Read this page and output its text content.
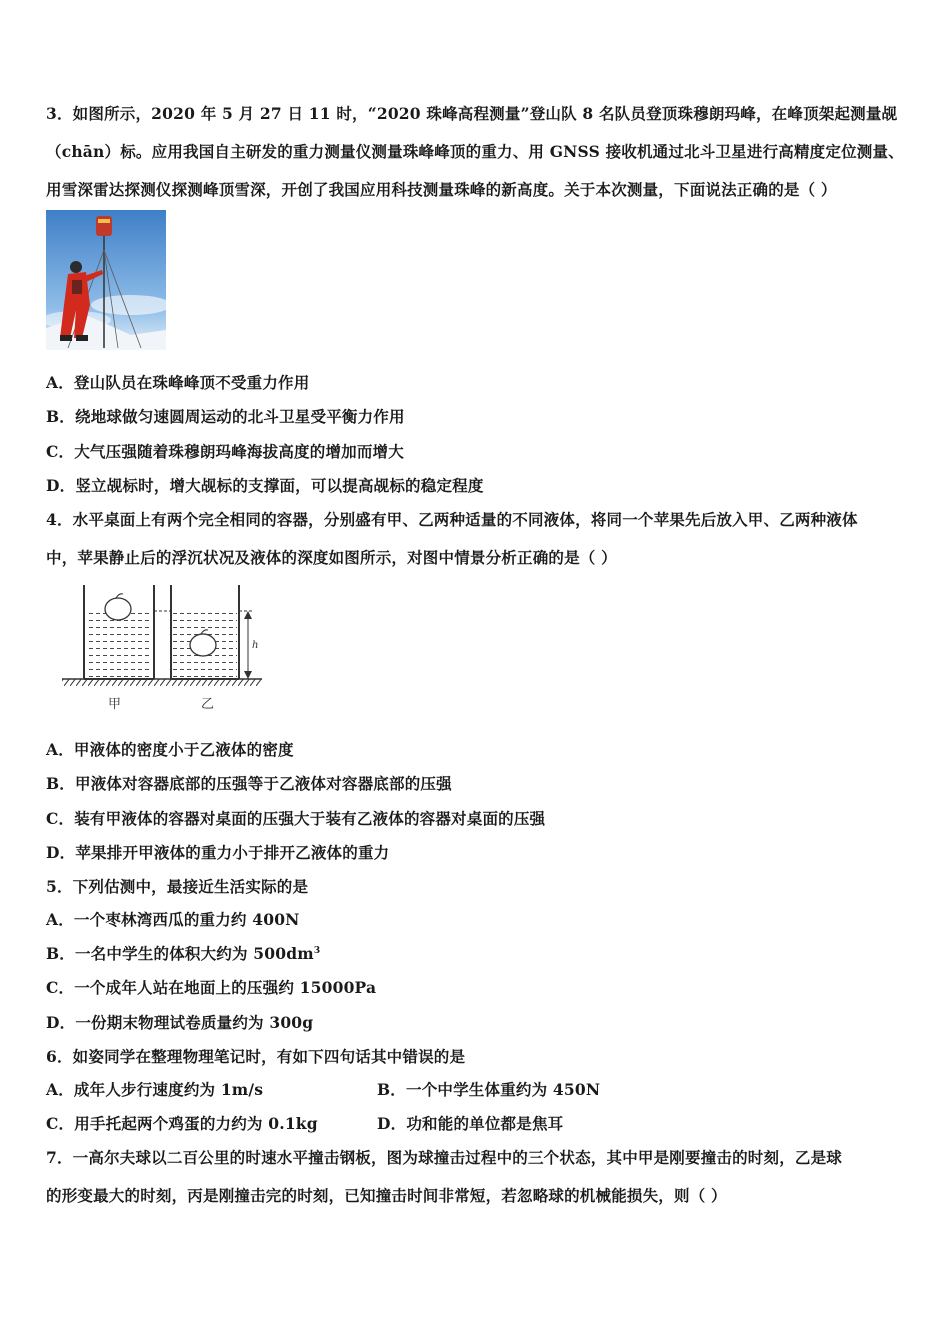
3．如图所示，2020 年 5 月 27 日 11 时，“2020 珠峰高程测量”登山队 8 名队员登顶珠穆朗玛峰，在峰顶架起测量觇
（chān）标。应用我国自主研发的重力测量仪测量珠峰峰顶的重力、用 GNSS 接收机通过北斗卫星进行高精度定位测量、
用雪深雷达探测仪探测峰顶雪深，开创了我国应用科技测量珠峰的新高度。关于本次测量，下面说法正确的是（ ）
A．登山队员在珠峰峰顶不受重力作用
B．绕地球做匀速圆周运动的北斗卫星受平衡力作用
C．大气压强随着珠穆朗玛峰海拔高度的增加而增大
D．竖立觇标时，增大觇标的支撑面，可以提高觇标的稳定程度
4．水平桌面上有两个完全相同的容器，分别盛有甲、乙两种适量的不同液体，将同一个苹果先后放入甲、乙两种液体
中，苹果静止后的浮沉状况及液体的深度如图所示，对图中情景分析正确的是（ ）
h
甲	乙
A．甲液体的密度小于乙液体的密度
B．甲液体对容器底部的压强等于乙液体对容器底部的压强
C．装有甲液体的容器对桌面的压强大于装有乙液体的容器对桌面的压强
D．苹果排开甲液体的重力小于排开乙液体的重力
5．下列估测中，最接近生活实际的是
A．一个枣林湾西瓜的重力约 400N
B．一名中学生的体积大约为 $500dm^3$
C．一个成年人站在地面上的压强约 15000Pa
D．一份期末物理试卷质量约为 300g
6．如姿同学在整理物理笔记时，有如下四句话其中错误的是
A．成年人步行速度约为 1m/s	B．一个中学生体重约为 450N
C．用手托起两个鸡蛋的力约为 0.1kg	D．功和能的单位都是焦耳
7．一高尔夫球以二百公里的时速水平撞击钢板，图为球撞击过程中的三个状态，其中甲是刚要撞击的时刻，乙是球
的形变最大的时刻，丙是刚撞击完的时刻，已知撞击时间非常短，若忽略球的机械能损失，则（ ）
